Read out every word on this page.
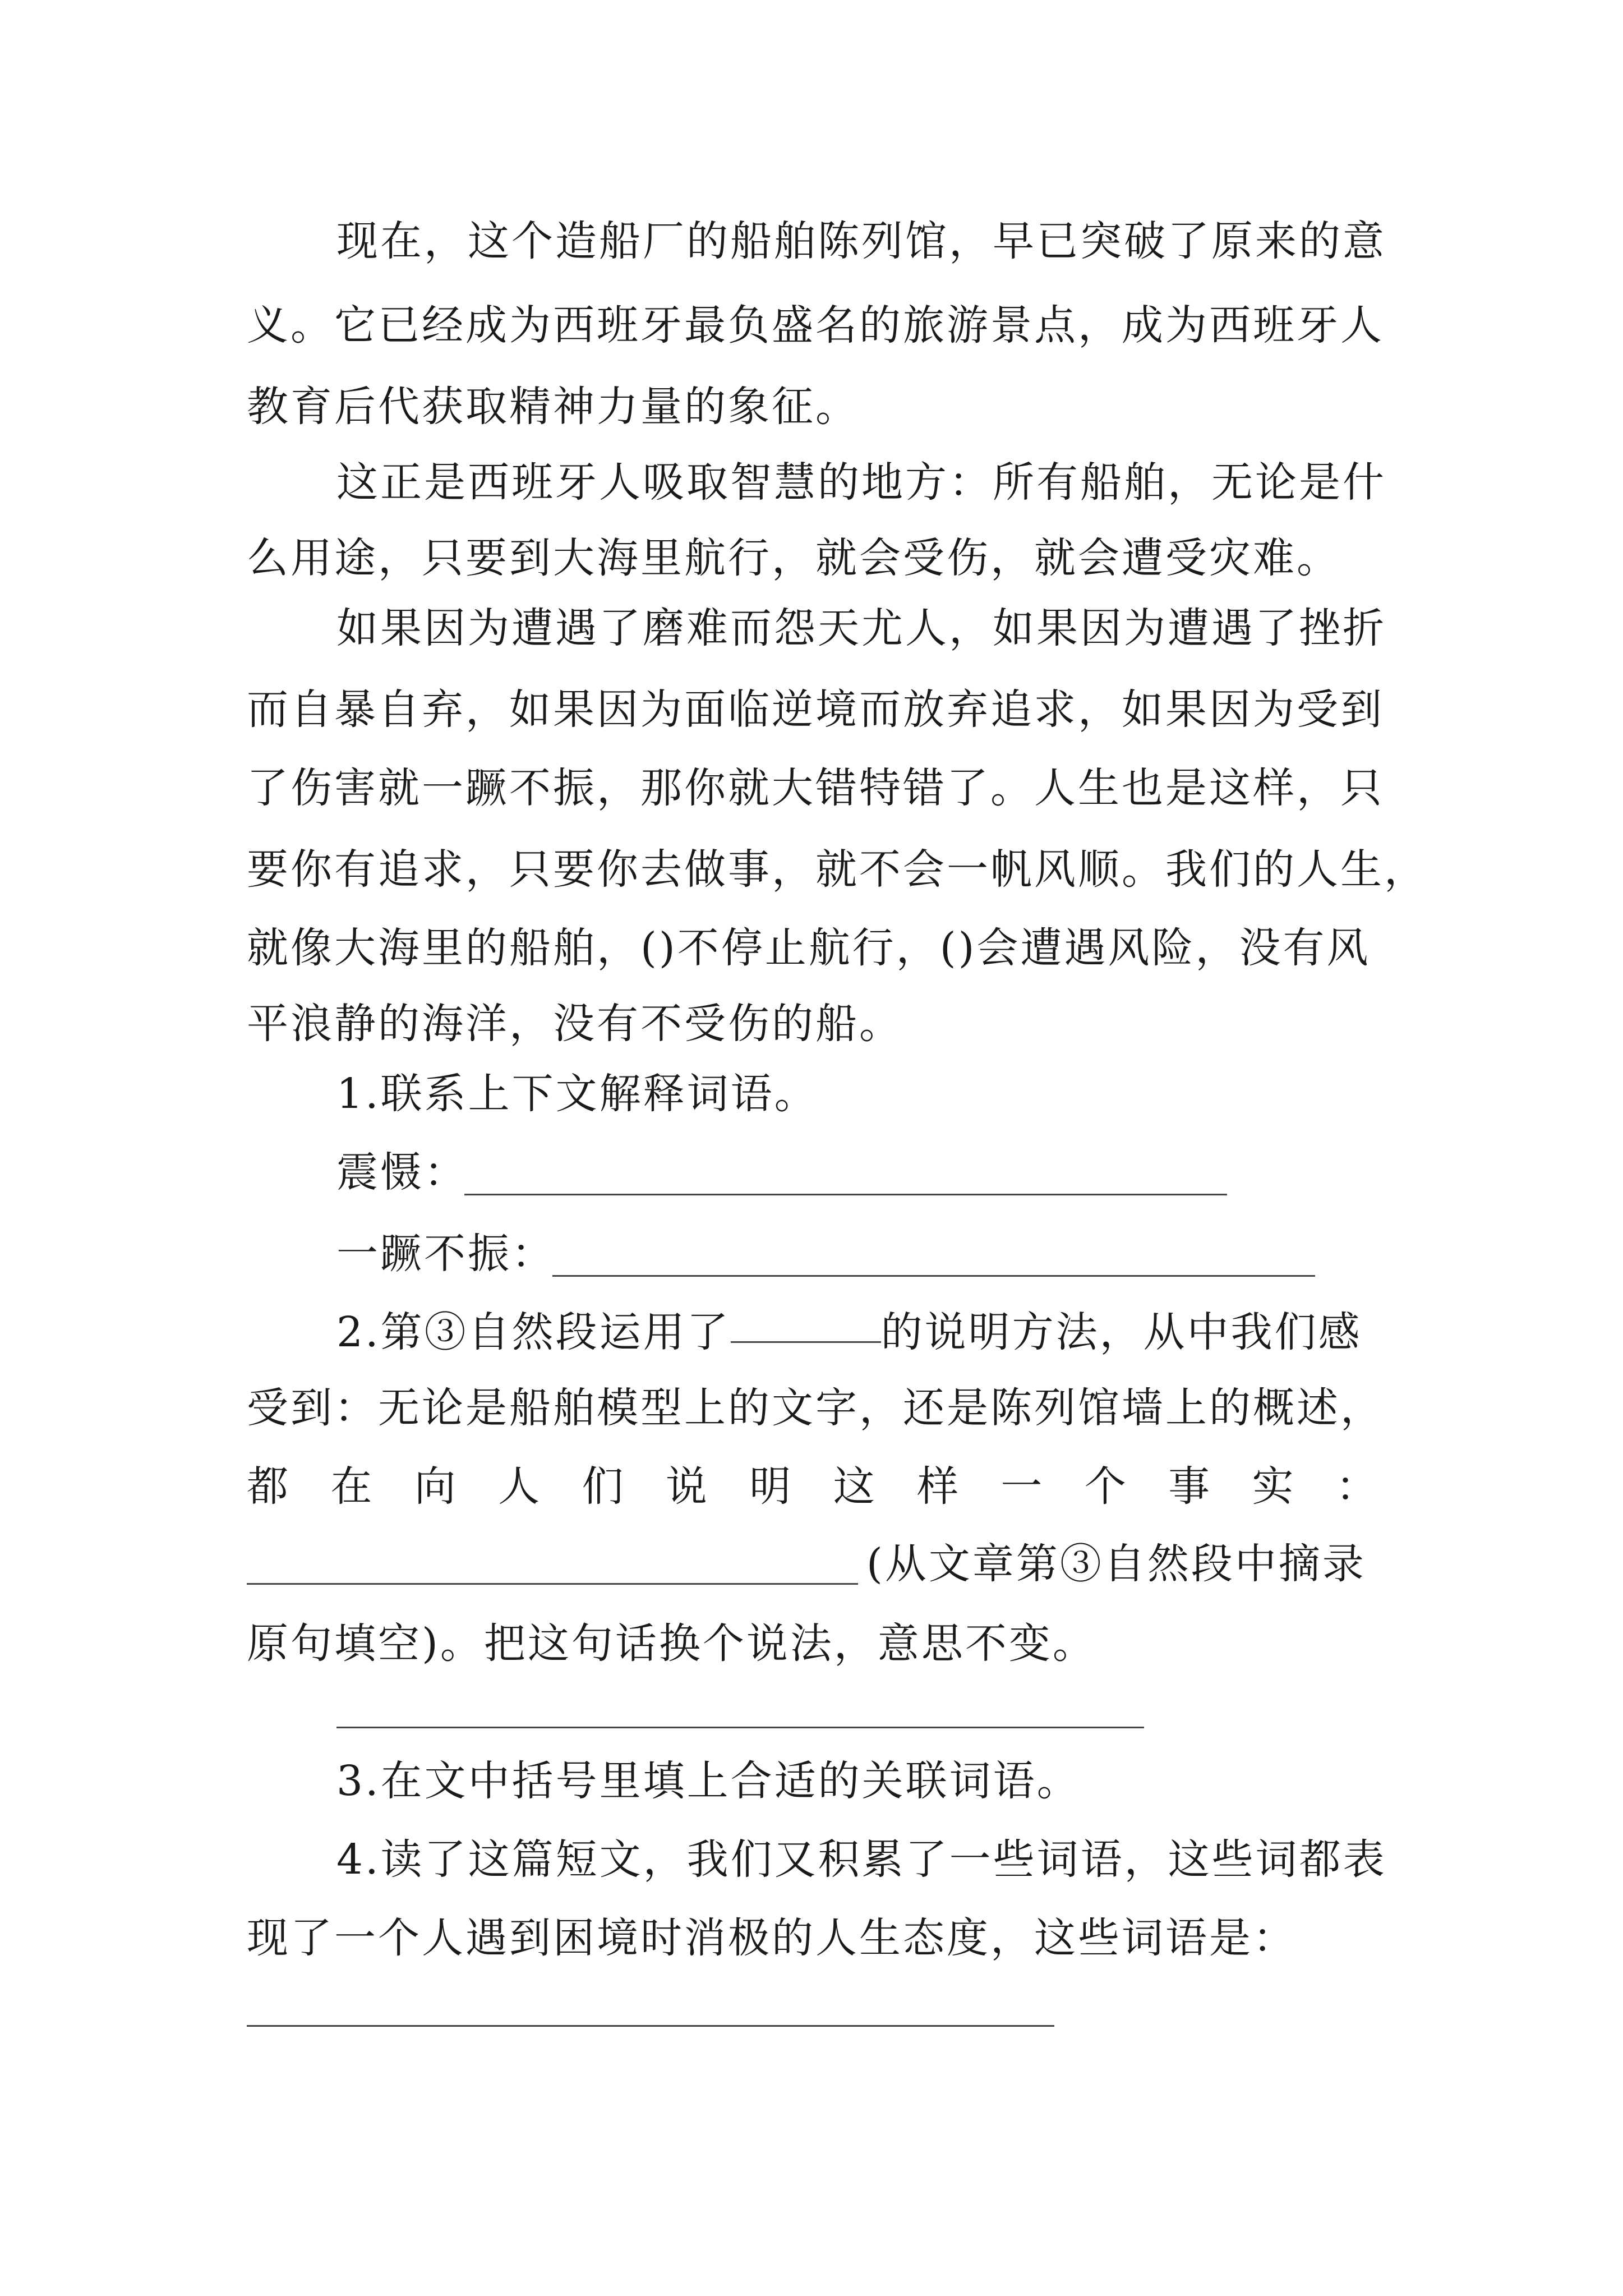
现在，这个造船厂的船舶陈列馆，早已突破了原来的意
义。它已经成为西班牙最负盛名的旅游景点，成为西班牙人
教育后代获取精神力量的象征。
这正是西班牙人吸取智慧的地方：所有船舶，无论是什
么用途，只要到大海里航行，就会受伤，就会遭受灾难。
如果因为遭遇了磨难而怨天尤人，如果因为遭遇了挫折
而自暴自弃，如果因为面临逆境而放弃追求，如果因为受到
了伤害就一蹶不振，那你就大错特错了。人生也是这样，只
要你有追求，只要你去做事，就不会一帆风顺。我们的人生，
就像大海里的船舶，()不停止航行，()会遭遇风险，没有风
平浪静的海洋，没有不受伤的船。
1.联系上下文解释词语。
震慑：
一蹶不振：
2.第③自然段运用了	的说明方法，从中我们感
受到：无论是船舶模型上的文字，还是陈列馆墙上的概述，
都 在 向 人 们 说 明 这 样 一 个 事 实 ：
(从文章第③自然段中摘录
原句填空)。把这句话换个说法，意思不变。
3.在文中括号里填上合适的关联词语。
4.读了这篇短文，我们又积累了一些词语，这些词都表
现了一个人遇到困境时消极的人生态度，这些词语是：
